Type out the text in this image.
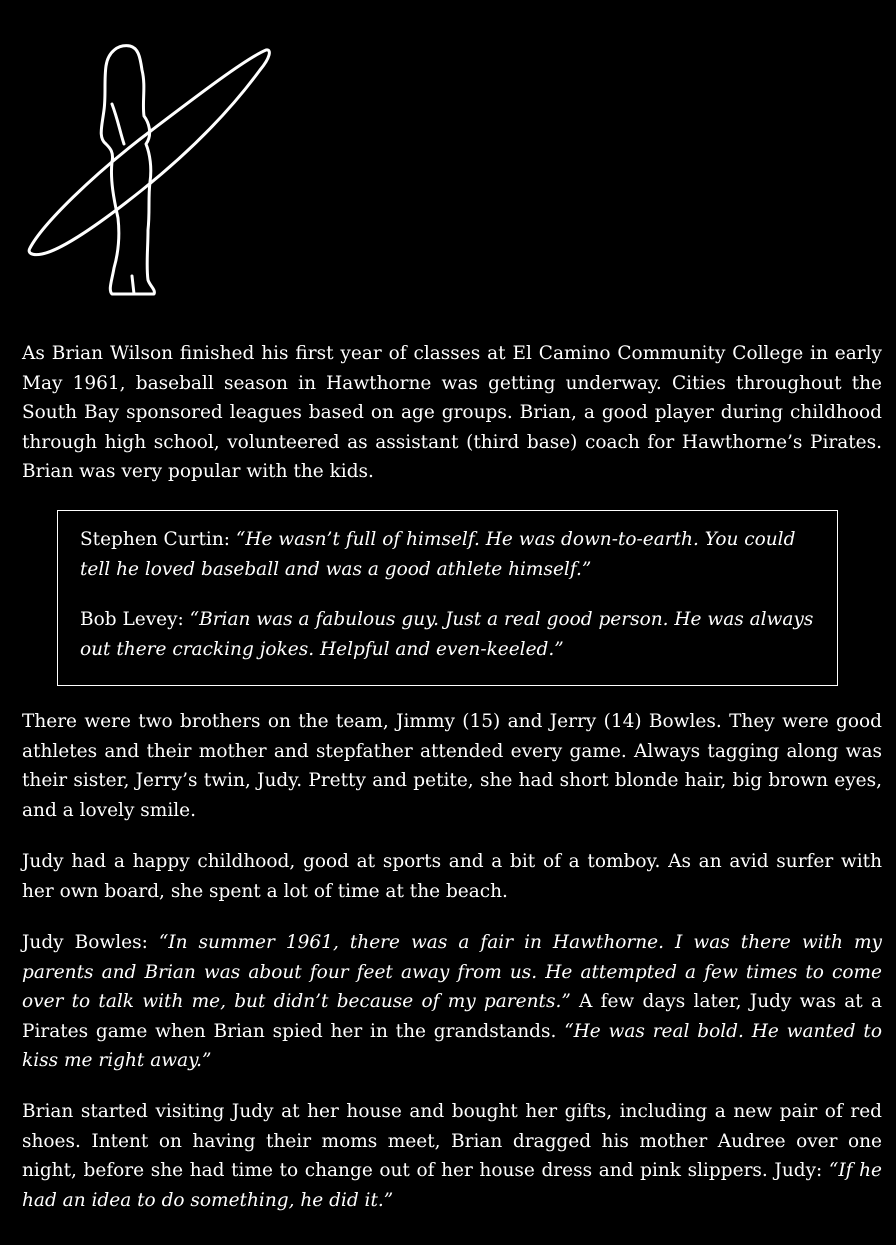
As Brian Wilson finished his first year of classes at El Camino Community College in early May 1961, baseball season in Hawthorne was getting underway. Cities throughout the South Bay sponsored leagues based on age groups. Brian, a good player during childhood through high school, volunteered as assistant (third base) coach for Hawthorne’s Pirates. Brian was very popular with the kids.

Stephen Curtin: “He wasn’t full of himself. He was down-to-earth. You could tell he loved baseball and was a good athlete himself.”

Bob Levey: “Brian was a fabulous guy. Just a real good person. He was always out there cracking jokes. Helpful and even-keeled.”

There were two brothers on the team, Jimmy (15) and Jerry (14) Bowles. They were good athletes and their mother and stepfather attended every game. Always tagging along was their sister, Jerry’s twin, Judy. Pretty and petite, she had short blonde hair, big brown eyes, and a lovely smile.

Judy had a happy childhood, good at sports and a bit of a tomboy. As an avid surfer with her own board, she spent a lot of time at the beach.

Judy Bowles: “In summer 1961, there was a fair in Hawthorne. I was there with my parents and Brian was about four feet away from us. He attempted a few times to come over to talk with me, but didn’t because of my parents.” A few days later, Judy was at a Pirates game when Brian spied her in the grandstands. “He was real bold. He wanted to kiss me right away.”

Brian started visiting Judy at her house and bought her gifts, including a new pair of red shoes. Intent on having their moms meet, Brian dragged his mother Audree over one night, before she had time to change out of her house dress and pink slippers. Judy: “If he had an idea to do something, he did it.”
